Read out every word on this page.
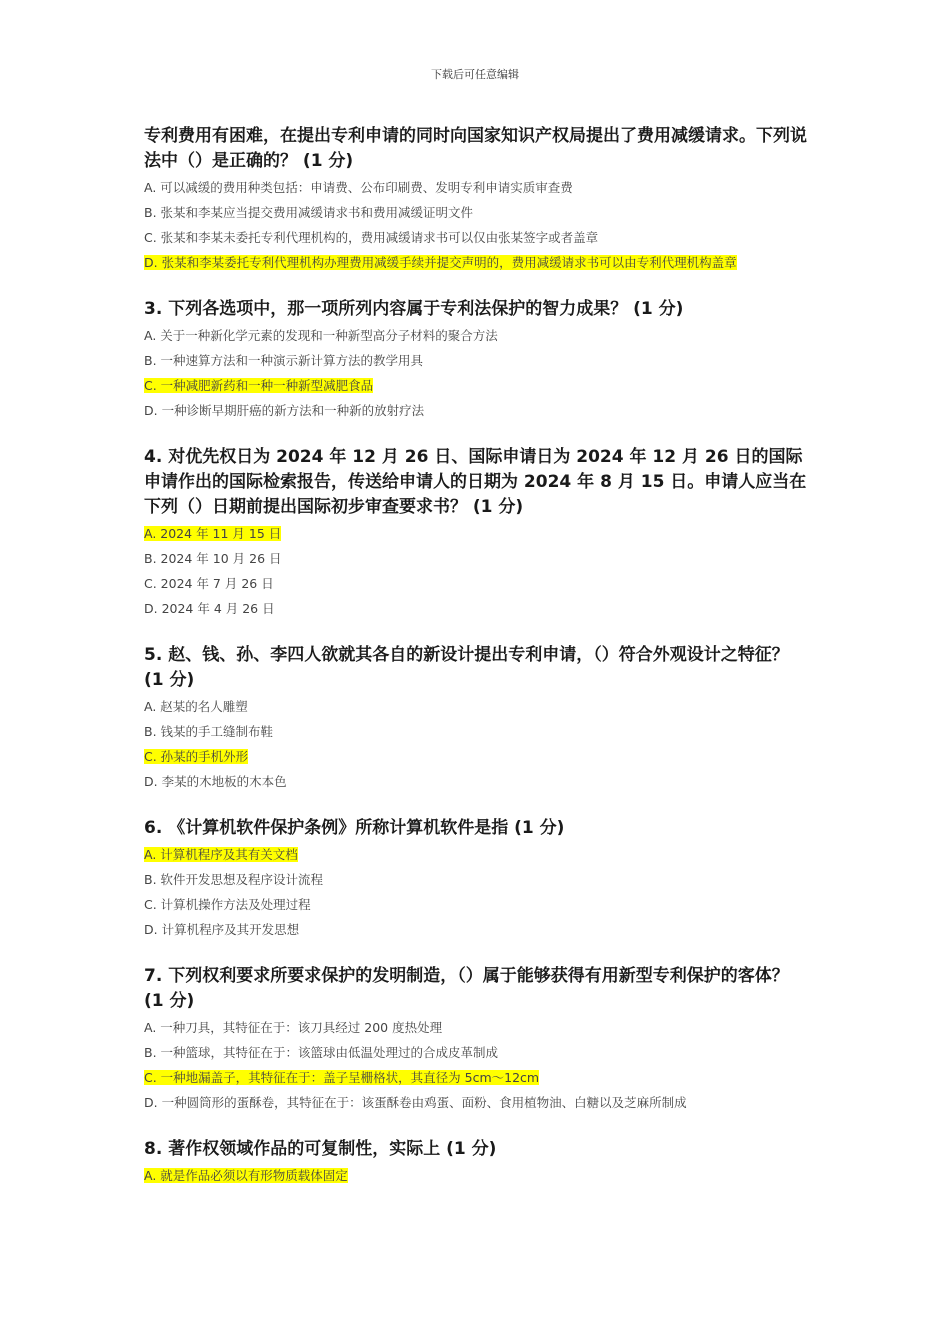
下载后可任意编辑
专利费用有困难，在提出专利申请的同时向国家知识产权局提出了费用减缓请求。下列说法中（）是正确的？ (1 分)
A. 可以减缓的费用种类包括：申请费、公布印刷费、发明专利申请实质审查费
B. 张某和李某应当提交费用减缓请求书和费用减缓证明文件
C. 张某和李某未委托专利代理机构的，费用减缓请求书可以仅由张某签字或者盖章
D. 张某和李某委托专利代理机构办理费用减缓手续并提交声明的，费用减缓请求书可以由专利代理机构盖章
3. 下列各选项中，那一项所列内容属于专利法保护的智力成果？ (1 分)
A. 关于一种新化学元素的发现和一种新型高分子材料的聚合方法
B. 一种速算方法和一种演示新计算方法的教学用具
C. 一种减肥新药和一种一种新型减肥食品
D. 一种诊断早期肝癌的新方法和一种新的放射疗法
4. 对优先权日为 2024 年 12 月 26 日、国际申请日为 2024 年 12 月 26 日的国际申请作出的国际检索报告，传送给申请人的日期为 2024 年 8 月 15 日。申请人应当在下列（）日期前提出国际初步审查要求书？ (1 分)
A. 2024 年 11 月 15 日
B. 2024 年 10 月 26 日
C. 2024 年 7 月 26 日
D. 2024 年 4 月 26 日
5. 赵、钱、孙、李四人欲就其各自的新设计提出专利申请，（）符合外观设计之特征？ (1 分)
A. 赵某的名人雕塑
B. 钱某的手工缝制布鞋
C. 孙某的手机外形
D. 李某的木地板的木本色
6. 《计算机软件保护条例》所称计算机软件是指 (1 分)
A. 计算机程序及其有关文档
B. 软件开发思想及程序设计流程
C. 计算机操作方法及处理过程
D. 计算机程序及其开发思想
7. 下列权利要求所要求保护的发明制造，（）属于能够获得有用新型专利保护的客体？ (1 分)
A. 一种刀具，其特征在于：该刀具经过 200 度热处理
B. 一种篮球，其特征在于：该篮球由低温处理过的合成皮革制成
C. 一种地漏盖子，其特征在于：盖子呈栅格状，其直径为 5cm～12cm
D. 一种圆筒形的蛋酥卷，其特征在于：该蛋酥卷由鸡蛋、面粉、食用植物油、白糖以及芝麻所制成
8. 著作权领域作品的可复制性，实际上 (1 分)
A. 就是作品必须以有形物质载体固定
